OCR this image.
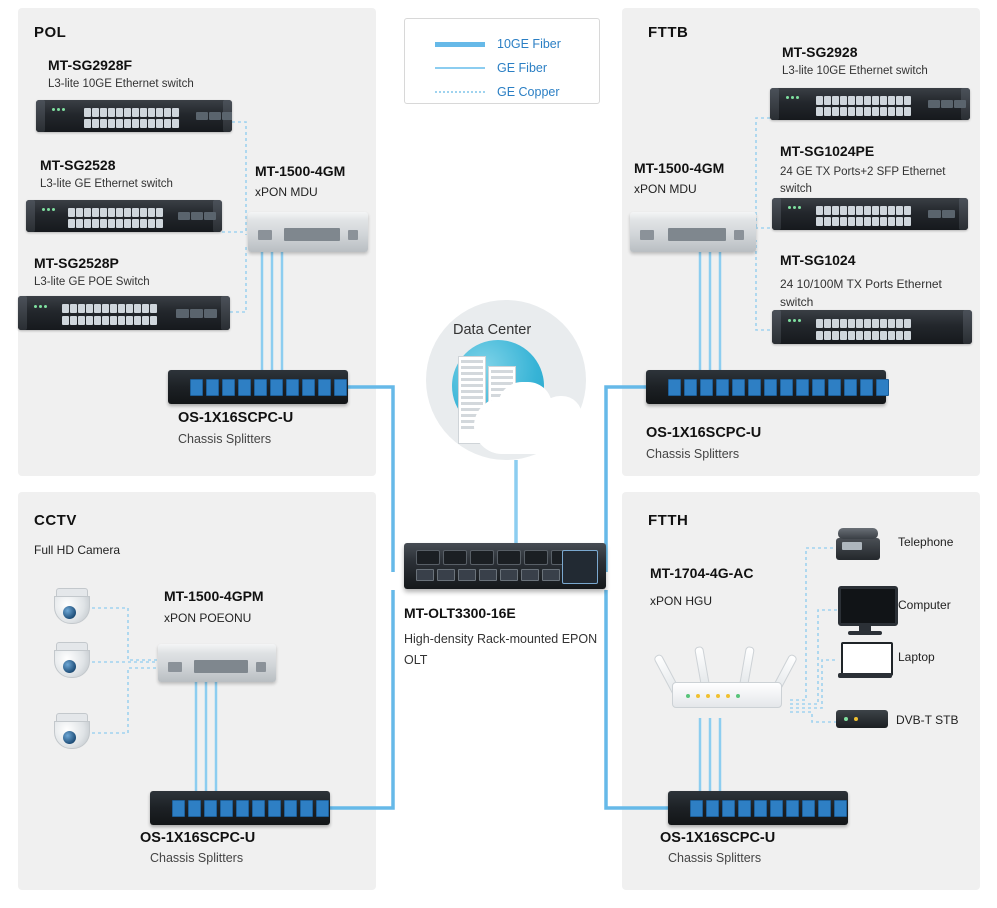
POL
CCTV
FTTB
FTTH
10GE Fiber
GE Fiber
GE Copper
MT-SG2928F
L3-lite 10GE Ethernet switch
MT-SG2528
L3-lite GE Ethernet switch
MT-SG2528P
L3-lite GE POE Switch
MT-1500-4GM
xPON MDU
OS-1X16SCPC-U
Chassis Splitters
Full HD Camera
MT-1500-4GPM
xPON POEONU
OS-1X16SCPC-U
Chassis Splitters
MT-SG2928
L3-lite 10GE Ethernet switch
MT-SG1024PE
24 GE TX Ports+2 SFP Ethernet switch
MT-SG1024
24 10/100M TX Ports Ethernet switch
MT-1500-4GM
xPON MDU
OS-1X16SCPC-U
Chassis Splitters
MT-1704-4G-AC
xPON HGU
Telephone
Computer
Laptop
DVB-T STB
OS-1X16SCPC-U
Chassis Splitters
Data Center
MT-OLT3300-16E
High-density Rack-mounted EPON
OLT
